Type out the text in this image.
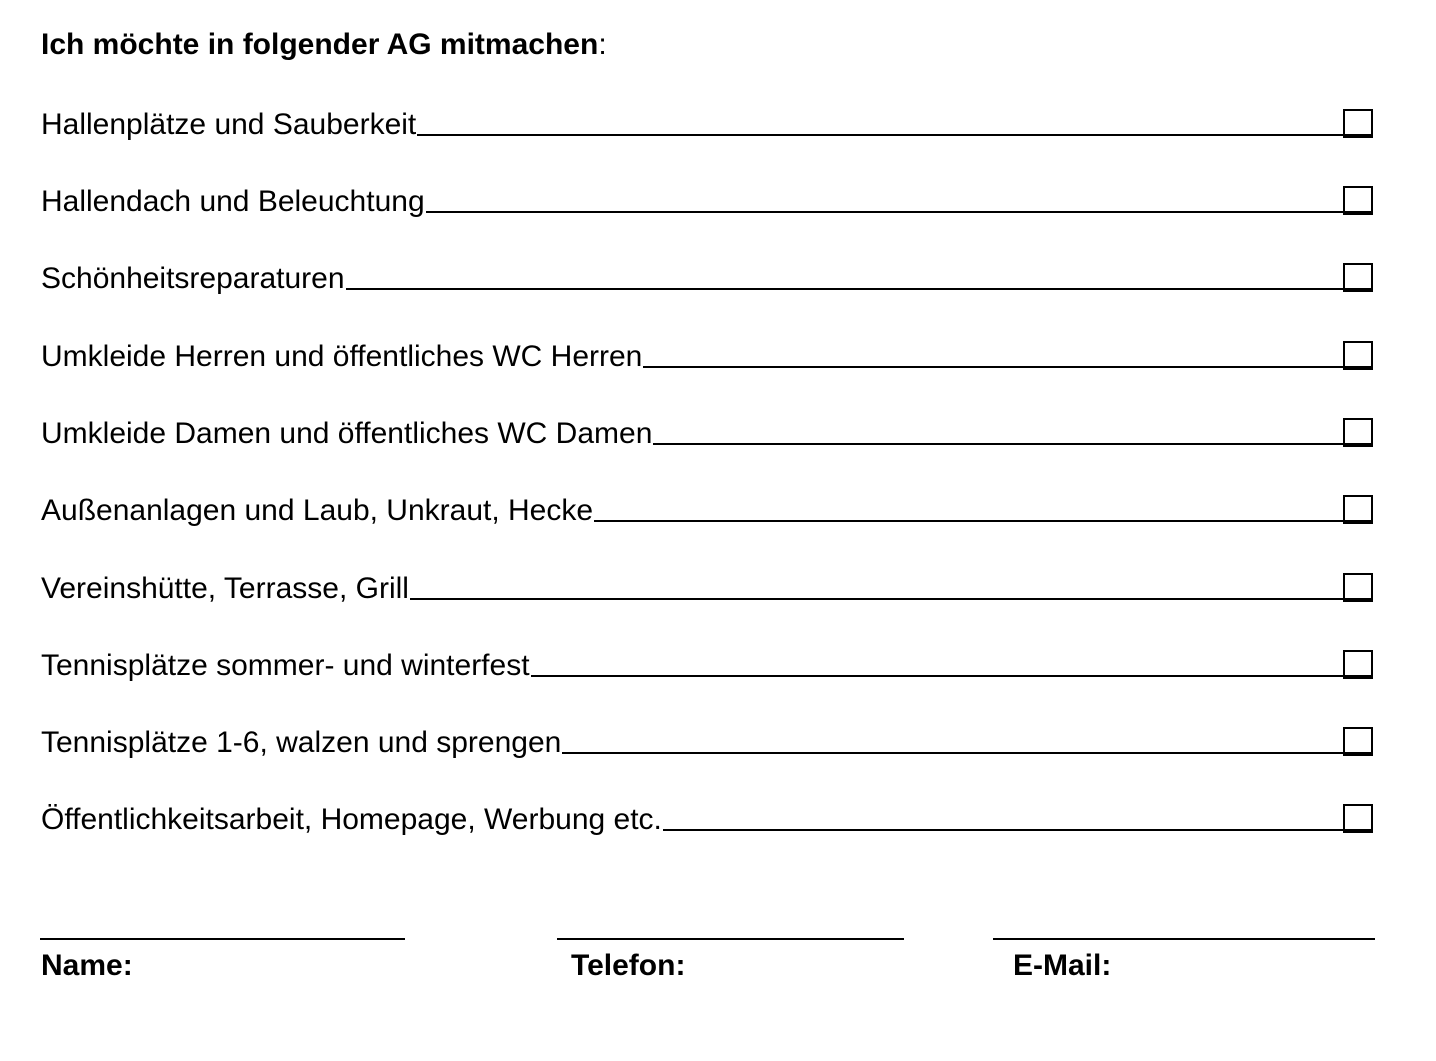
Ich möchte in folgender AG mitmachen:
Hallenplätze und Sauberkeit
Hallendach und Beleuchtung
Schönheitsreparaturen
Umkleide Herren und öffentliches WC Herren
Umkleide Damen und öffentliches WC Damen
Außenanlagen und Laub, Unkraut, Hecke
Vereinshütte, Terrasse, Grill
Tennisplätze sommer- und winterfest
Tennisplätze 1-6, walzen und sprengen
Öffentlichkeitsarbeit, Homepage, Werbung etc.
Name:	Telefon:	E-Mail:
